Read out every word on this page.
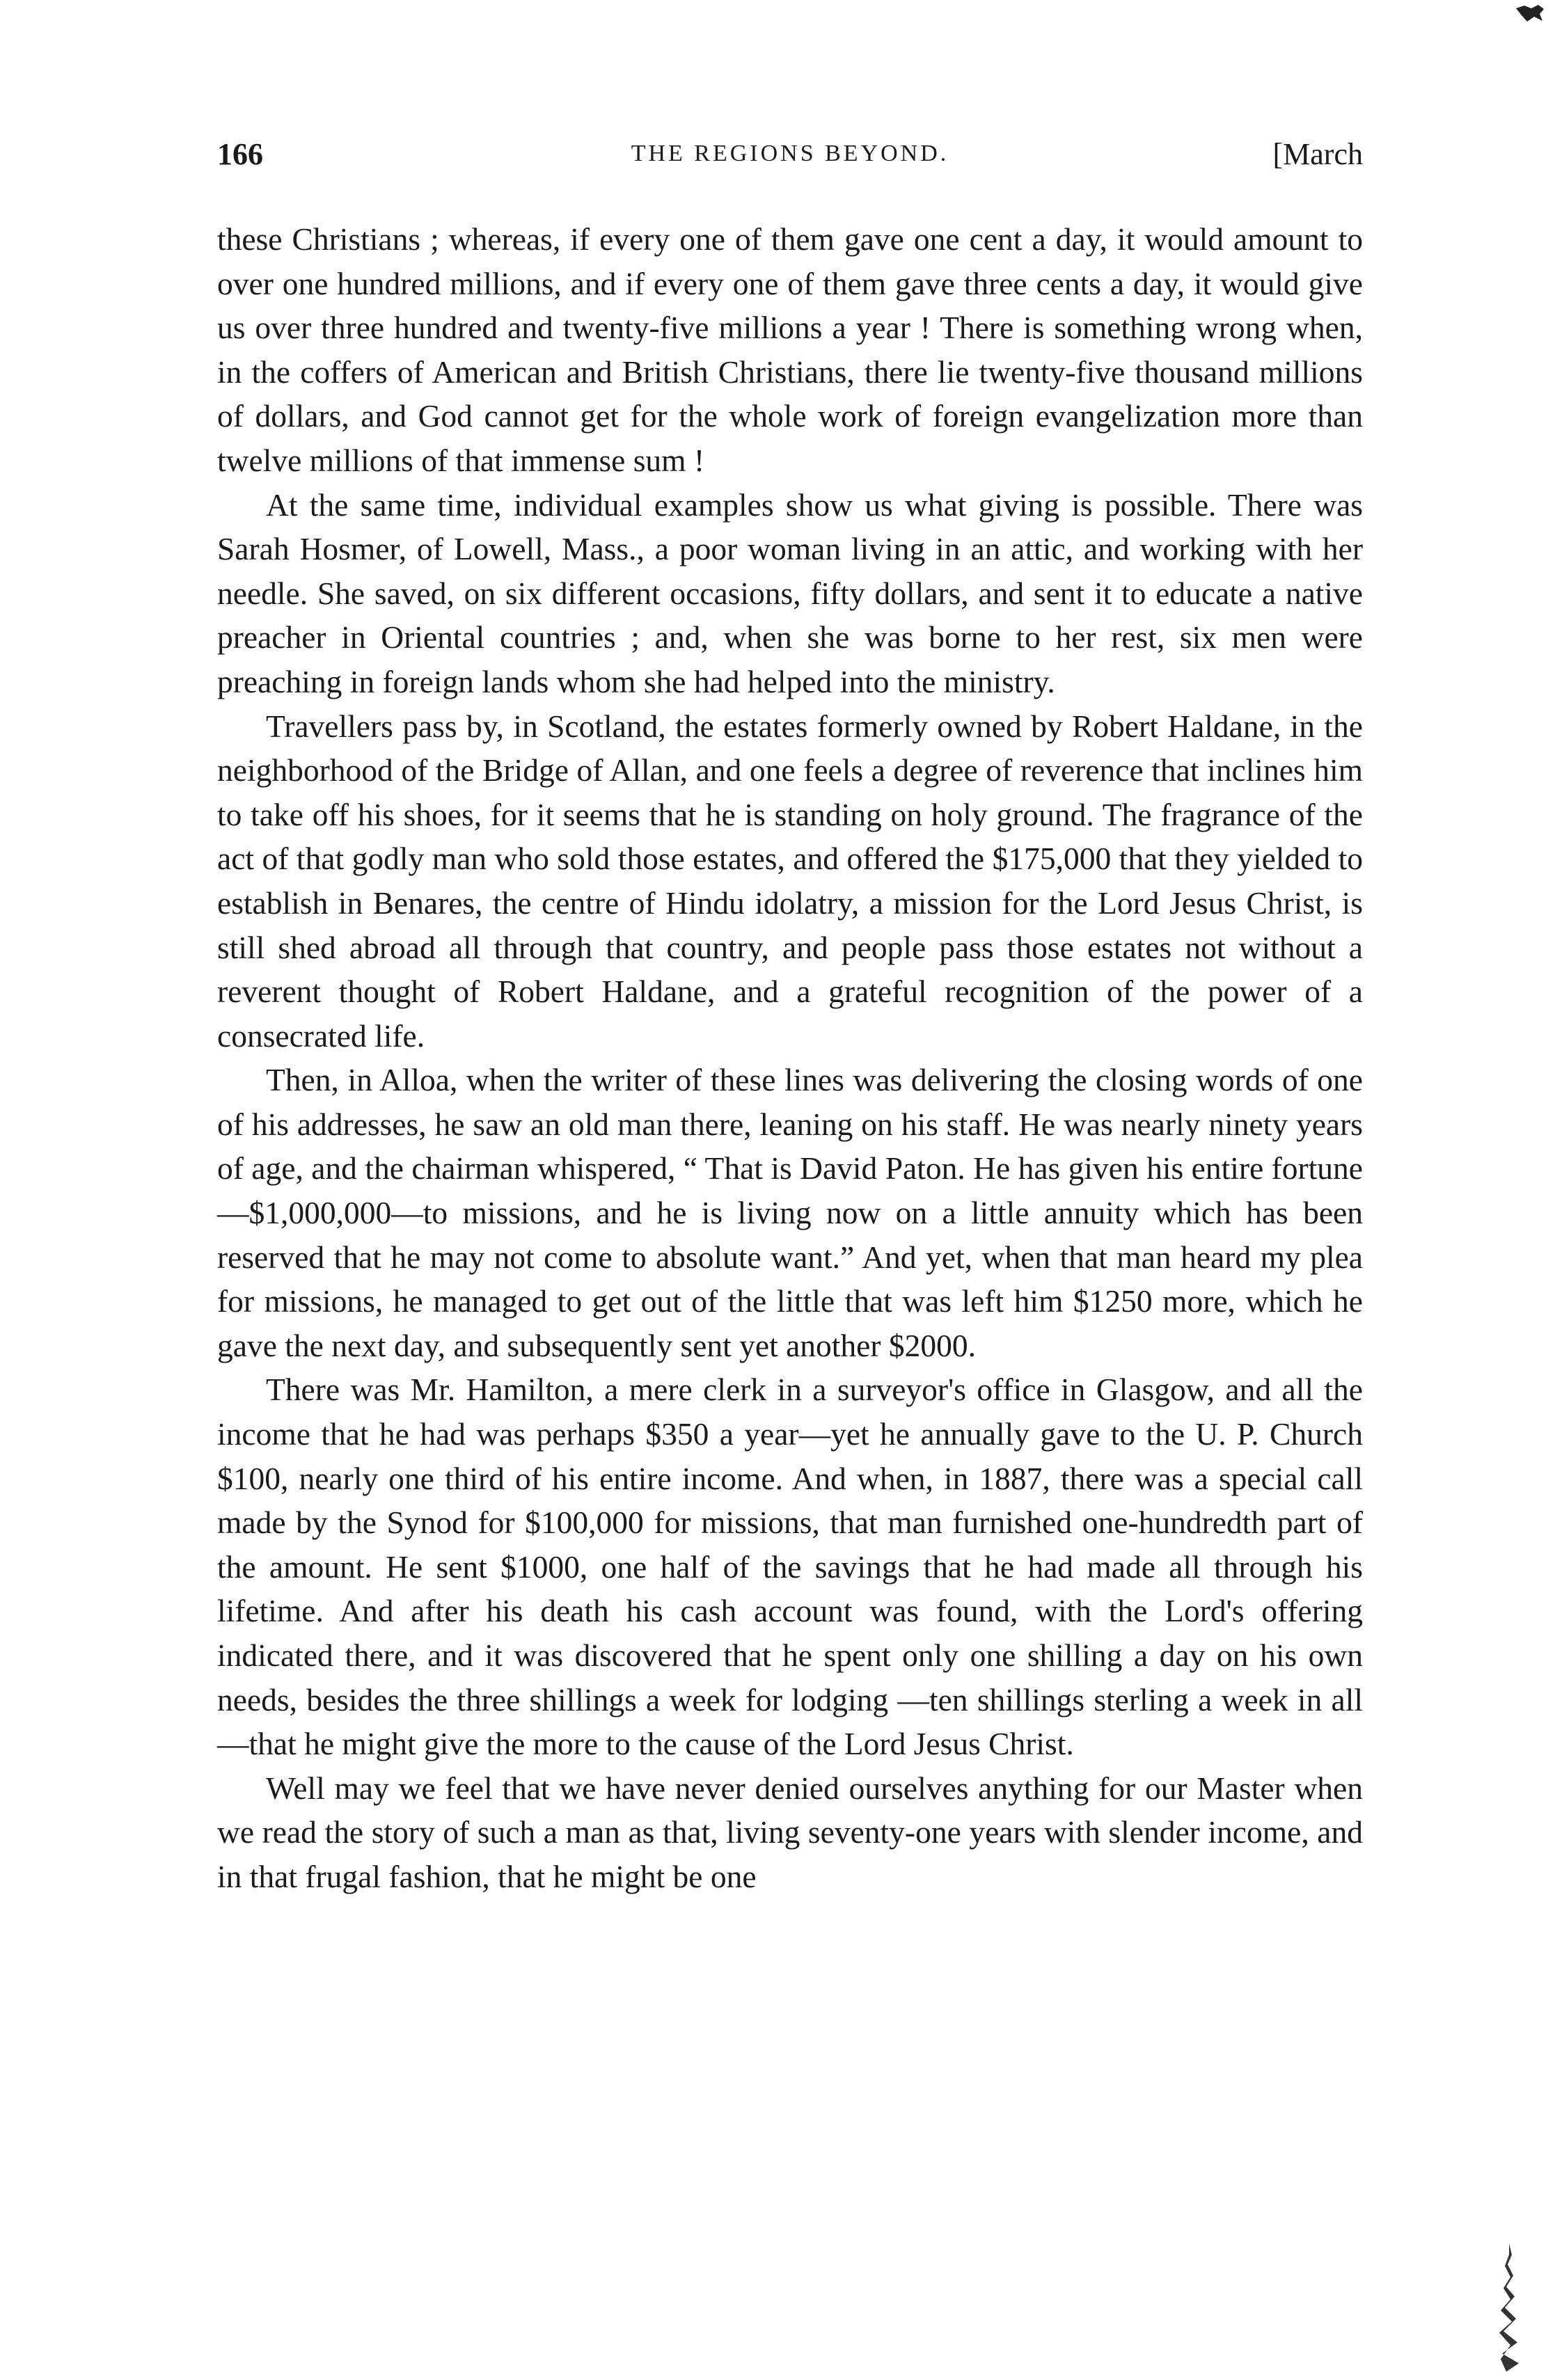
166	THE REGIONS BEYOND.	[March

these Christians ; whereas, if every one of them gave one cent a day, it would amount to over one hundred millions, and if every one of them gave three cents a day, it would give us over three hundred and twenty-five millions a year ! There is something wrong when, in the coffers of American and British Christians, there lie twenty-five thousand millions of dollars, and God cannot get for the whole work of foreign evangelization more than twelve millions of that immense sum !

At the same time, individual examples show us what giving is possible. There was Sarah Hosmer, of Lowell, Mass., a poor woman living in an attic, and working with her needle. She saved, on six different occasions, fifty dollars, and sent it to educate a native preacher in Oriental countries ; and, when she was borne to her rest, six men were preaching in foreign lands whom she had helped into the ministry.

Travellers pass by, in Scotland, the estates formerly owned by Robert Haldane, in the neighborhood of the Bridge of Allan, and one feels a degree of reverence that inclines him to take off his shoes, for it seems that he is standing on holy ground. The fragrance of the act of that godly man who sold those estates, and offered the $175,000 that they yielded to establish in Benares, the centre of Hindu idolatry, a mission for the Lord Jesus Christ, is still shed abroad all through that country, and people pass those estates not without a reverent thought of Robert Haldane, and a grateful recognition of the power of a consecrated life.

Then, in Alloa, when the writer of these lines was delivering the closing words of one of his addresses, he saw an old man there, leaning on his staff. He was nearly ninety years of age, and the chairman whispered, “ That is David Paton. He has given his entire fortune—$1,000,000—to missions, and he is living now on a little annuity which has been reserved that he may not come to absolute want.” And yet, when that man heard my plea for missions, he managed to get out of the little that was left him $1250 more, which he gave the next day, and subsequently sent yet another $2000.

There was Mr. Hamilton, a mere clerk in a surveyor's office in Glasgow, and all the income that he had was perhaps $350 a year—yet he annually gave to the U. P. Church $100, nearly one third of his entire income. And when, in 1887, there was a special call made by the Synod for $100,000 for missions, that man furnished one-hundredth part of the amount. He sent $1000, one half of the savings that he had made all through his lifetime. And after his death his cash account was found, with the Lord's offering indicated there, and it was discovered that he spent only one shilling a day on his own needs, besides the three shillings a week for lodging —ten shillings sterling a week in all—that he might give the more to the cause of the Lord Jesus Christ.

Well may we feel that we have never denied ourselves anything for our Master when we read the story of such a man as that, living seventy-one years with slender income, and in that frugal fashion, that he might be one
